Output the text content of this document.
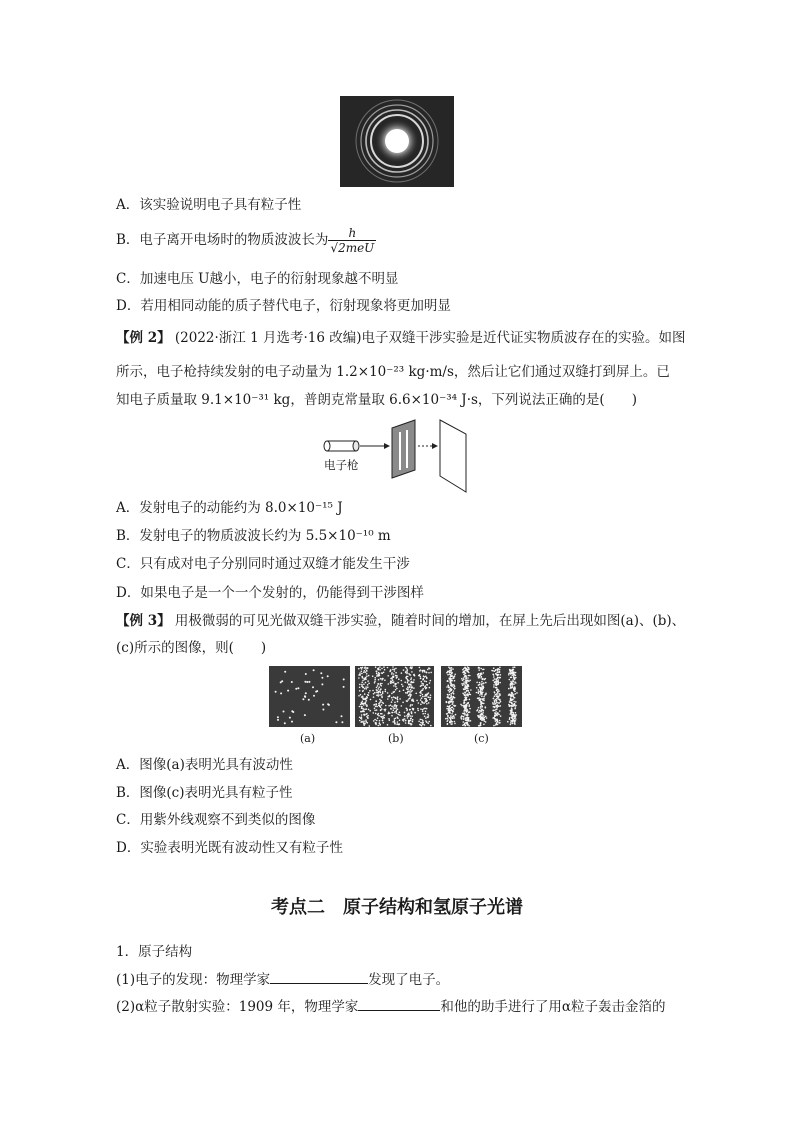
A．该实验说明电子具有粒子性
B．电子离开电场时的物质波波长为 $\frac{h}{\text{√2meU}}$
C．加速电压 U越小，电子的衍射现象越不明显
D．若用相同动能的质子替代电子，衍射现象将更加明显
【例 2】 (2022·浙江 1 月选考·16 改编)电子双缝干涉实验是近代证实物质波存在的实验。如图
所示，电子枪持续发射的电子动量为 1.2×10⁻²³ kg·m/s，然后让它们通过双缝打到屏上。已
知电子质量取 9.1×10⁻³¹ kg，普朗克常量取 6.6×10⁻³⁴ J·s，下列说法正确的是(　　)
电子枪
A．发射电子的动能约为 8.0×10⁻¹⁵ J
B．发射电子的物质波波长约为 5.5×10⁻¹⁰ m
C．只有成对电子分别同时通过双缝才能发生干涉
D．如果电子是一个一个发射的，仍能得到干涉图样
【例 3】 用极微弱的可见光做双缝干涉实验，随着时间的增加，在屏上先后出现如图(a)、(b)、
(c)所示的图像，则(　　)
(a)	(b)	(c)
A．图像(a)表明光具有波动性
B．图像(c)表明光具有粒子性
C．用紫外线观察不到类似的图像
D．实验表明光既有波动性又有粒子性
考点二　原子结构和氢原子光谱
1．原子结构
(1)电子的发现：物理学家	发现了电子。
(2)α粒子散射实验：1909 年，物理学家	和他的助手进行了用α粒子轰击金箔的
